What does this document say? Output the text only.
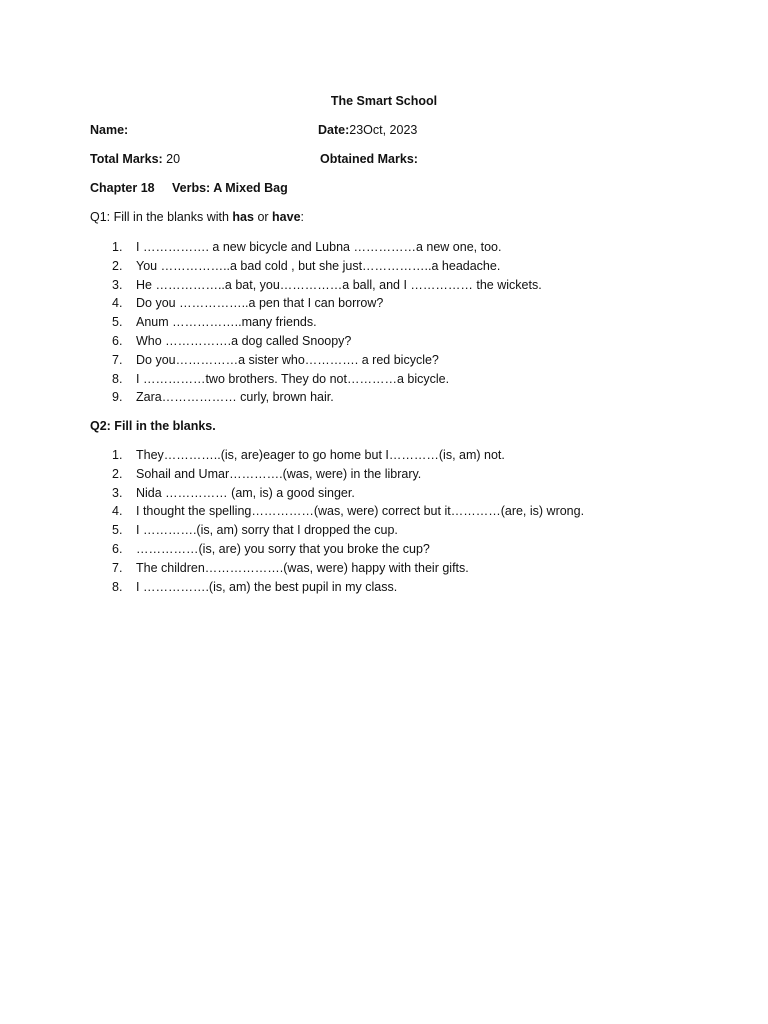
The Smart School
Name:	Date:23Oct, 2023
Total Marks: 20	Obtained Marks:
Chapter 18 Verbs: A Mixed Bag
Q1: Fill in the blanks with has or have:
1. I ……………. a new bicycle and Lubna ……………a new one, too.
2. You ……………..a bad cold , but she just……………..a headache.
3. He ……………..a bat, you……………a ball, and I …………… the wickets.
4. Do you ……………..a pen that I can borrow?
5. Anum ……………..many friends.
6. Who …………….a dog called Snoopy?
7. Do you……………a sister who…………. a red bicycle?
8. I ……………two brothers. They do not…………a bicycle.
9. Zara……………… curly, brown hair.
Q2: Fill in the blanks.
1. They…………..(is, are)eager to go home but I…………(is, am) not.
2. Sohail and Umar………….(was, were) in the library.
3. Nida …………… (am, is) a good singer.
4. I thought the spelling……………(was, were) correct but it…………(are, is) wrong.
5. I ………….(is, am) sorry that I dropped the cup.
6. ……………(is, are) you sorry that you broke the cup?
7. The children……………….(was, were) happy with their gifts.
8. I …………….(is, am) the best pupil in my class.
